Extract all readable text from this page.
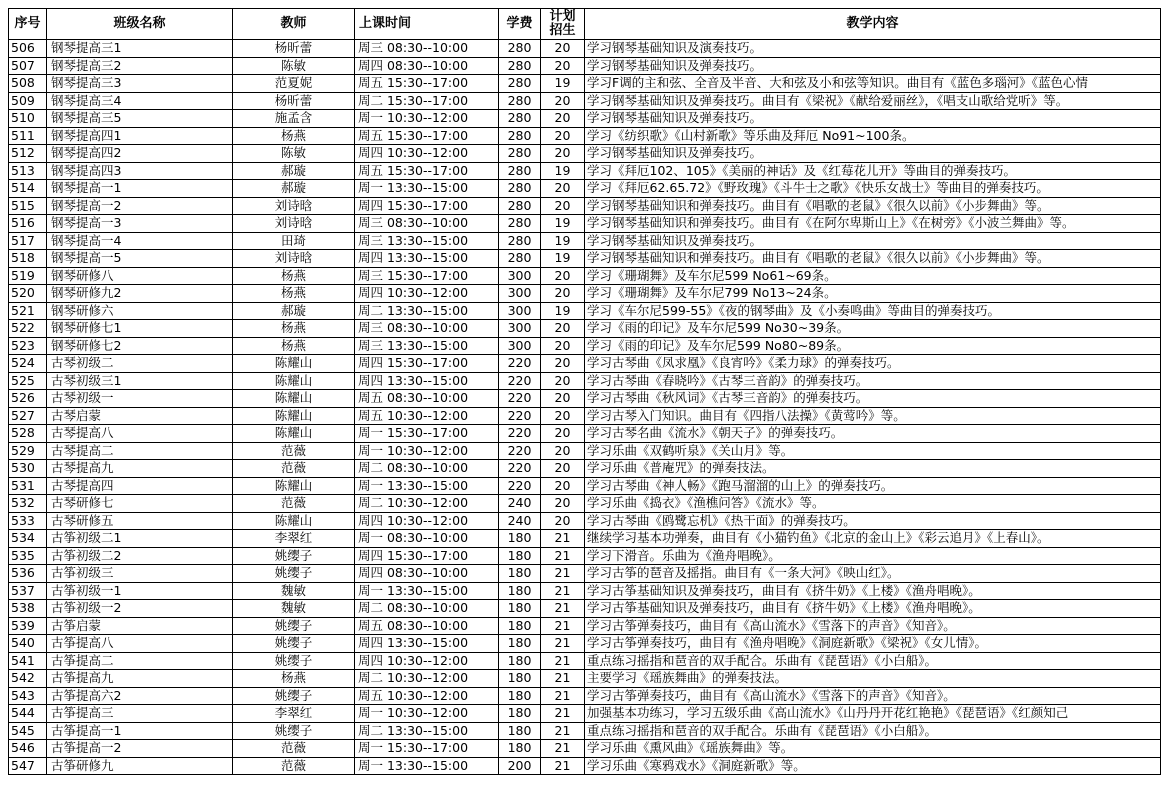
序号	班级名称	教师	上课时间	学费	计划招生	教学内容
506	钢琴提高三1	杨昕蕾	周三 08:30--10:00	280	20	学习钢琴基础知识及演奏技巧。
507	钢琴提高三2	陈敏	周四 08:30--10:00	280	20	学习钢琴基础知识及弹奏技巧。
508	钢琴提高三3	范夏妮	周五 15:30--17:00	280	19	学习F调的主和弦、全音及半音、大和弦及小和弦等知识。曲目有《蓝色多瑙河》《蓝色心情
509	钢琴提高三4	杨昕蕾	周二 15:30--17:00	280	20	学习钢琴基础知识及弹奏技巧。曲目有《梁祝》《献给爱丽丝》，《唱支山歌给党听》等。
510	钢琴提高三5	施孟含	周一 10:30--12:00	280	20	学习钢琴基础知识及弹奏技巧。
511	钢琴提高四1	杨燕	周五 15:30--17:00	280	20	学习《纺织歌》《山村新歌》等乐曲及拜厄 No91~100条。
512	钢琴提高四2	陈敏	周四 10:30--12:00	280	20	学习钢琴基础知识及弹奏技巧。
513	钢琴提高四3	郝璇	周五 15:30--17:00	280	19	学习《拜厄102、105》《美丽的神话》及《红莓花儿开》等曲目的弹奏技巧。
514	钢琴提高一1	郝璇	周一 13:30--15:00	280	20	学习《拜厄62.65.72》《野玫瑰》《斗牛士之歌》《快乐女战士》等曲目的弹奏技巧。
515	钢琴提高一2	刘诗晗	周四 15:30--17:00	280	20	学习钢琴基础知识和弹奏技巧。曲目有《唱歌的老鼠》《很久以前》《小步舞曲》等。
516	钢琴提高一3	刘诗晗	周三 08:30--10:00	280	19	学习钢琴基础知识和弹奏技巧。曲目有《在阿尔卑斯山上》《在树旁》《小波兰舞曲》等。
517	钢琴提高一4	田琦	周三 13:30--15:00	280	19	学习钢琴基础知识及弹奏技巧。
518	钢琴提高一5	刘诗晗	周四 13:30--15:00	280	19	学习钢琴基础知识和弹奏技巧。曲目有《唱歌的老鼠》《很久以前》《小步舞曲》等。
519	钢琴研修八	杨燕	周三 15:30--17:00	300	20	学习《珊瑚舞》及车尔尼599 No61~69条。
520	钢琴研修九2	杨燕	周四 10:30--12:00	300	20	学习《珊瑚舞》及车尔尼799 No13~24条。
521	钢琴研修六	郝璇	周二 13:30--15:00	300	19	学习《车尔尼599-55》《夜的钢琴曲》及《小奏鸣曲》等曲目的弹奏技巧。
522	钢琴研修七1	杨燕	周三 08:30--10:00	300	20	学习《雨的印记》及车尔尼599 No30~39条。
523	钢琴研修七2	杨燕	周三 13:30--15:00	300	20	学习《雨的印记》及车尔尼599 No80~89条。
524	古琴初级二	陈耀山	周四 15:30--17:00	220	20	学习古琴曲《凤求凰》《良宵吟》《柔力球》的弹奏技巧。
525	古琴初级三1	陈耀山	周四 13:30--15:00	220	20	学习古琴曲《春晓吟》《古琴三音韵》的弹奏技巧。
526	古琴初级一	陈耀山	周五 08:30--10:00	220	20	学习古琴曲《秋风词》《古琴三音韵》的弹奏技巧。
527	古琴启蒙	陈耀山	周五 10:30--12:00	220	20	学习古琴入门知识。曲目有《四指八法操》《黄莺吟》等。
528	古琴提高八	陈耀山	周一 15:30--17:00	220	20	学习古琴名曲《流水》《朝天子》的弹奏技巧。
529	古琴提高二	范薇	周一 10:30--12:00	220	20	学习乐曲《双鹤听泉》《关山月》等。
530	古琴提高九	范薇	周二 08:30--10:00	220	20	学习乐曲《普庵咒》的弹奏技法。
531	古琴提高四	陈耀山	周一 13:30--15:00	220	20	学习古琴曲《神人畅》《跑马溜溜的山上》的弹奏技巧。
532	古琴研修七	范薇	周二 10:30--12:00	240	20	学习乐曲《捣衣》《渔樵问答》《流水》等。
533	古琴研修五	陈耀山	周四 10:30--12:00	240	20	学习古琴曲《鸥鹭忘机》《热干面》的弹奏技巧。
534	古筝初级二1	李翠红	周一 08:30--10:00	180	21	继续学习基本功弹奏，曲目有《小猫钓鱼》《北京的金山上》《彩云追月》《上春山》。
535	古筝初级二2	姚缨子	周四 15:30--17:00	180	21	学习下滑音。乐曲为《渔舟唱晚》。
536	古筝初级三	姚缨子	周四 08:30--10:00	180	21	学习古筝的琶音及摇指。曲目有《一条大河》《映山红》。
537	古筝初级一1	魏敏	周一 13:30--15:00	180	21	学习古筝基础知识及弹奏技巧，曲目有《挤牛奶》《上楼》《渔舟唱晚》。
538	古筝初级一2	魏敏	周二 08:30--10:00	180	21	学习古筝基础知识及弹奏技巧，曲目有《挤牛奶》《上楼》《渔舟唱晚》。
539	古筝启蒙	姚缨子	周五 08:30--10:00	180	21	学习古筝弹奏技巧，曲目有《高山流水》《雪落下的声音》《知音》。
540	古筝提高八	姚缨子	周四 13:30--15:00	180	21	学习古筝弹奏技巧，曲目有《渔舟唱晚》《洞庭新歌》《梁祝》《女儿情》。
541	古筝提高二	姚缨子	周四 10:30--12:00	180	21	重点练习摇指和琶音的双手配合。乐曲有《琵琶语》《小白船》。
542	古筝提高九	杨燕	周二 10:30--12:00	180	21	主要学习《瑶族舞曲》的弹奏技法。
543	古筝提高六2	姚缨子	周五 10:30--12:00	180	21	学习古筝弹奏技巧，曲目有《高山流水》《雪落下的声音》《知音》。
544	古筝提高三	李翠红	周一 10:30--12:00	180	21	加强基本功练习，学习五级乐曲《高山流水》《山丹丹开花红艳艳》《琵琶语》《红颜知己
545	古筝提高一1	姚缨子	周二 13:30--15:00	180	21	重点练习摇指和琶音的双手配合。乐曲有《琵琶语》《小白船》。
546	古筝提高一2	范薇	周一 15:30--17:00	180	21	学习乐曲《熏风曲》《瑶族舞曲》等。
547	古筝研修九	范薇	周一 13:30--15:00	200	21	学习乐曲《寒鸦戏水》《洞庭新歌》等。
